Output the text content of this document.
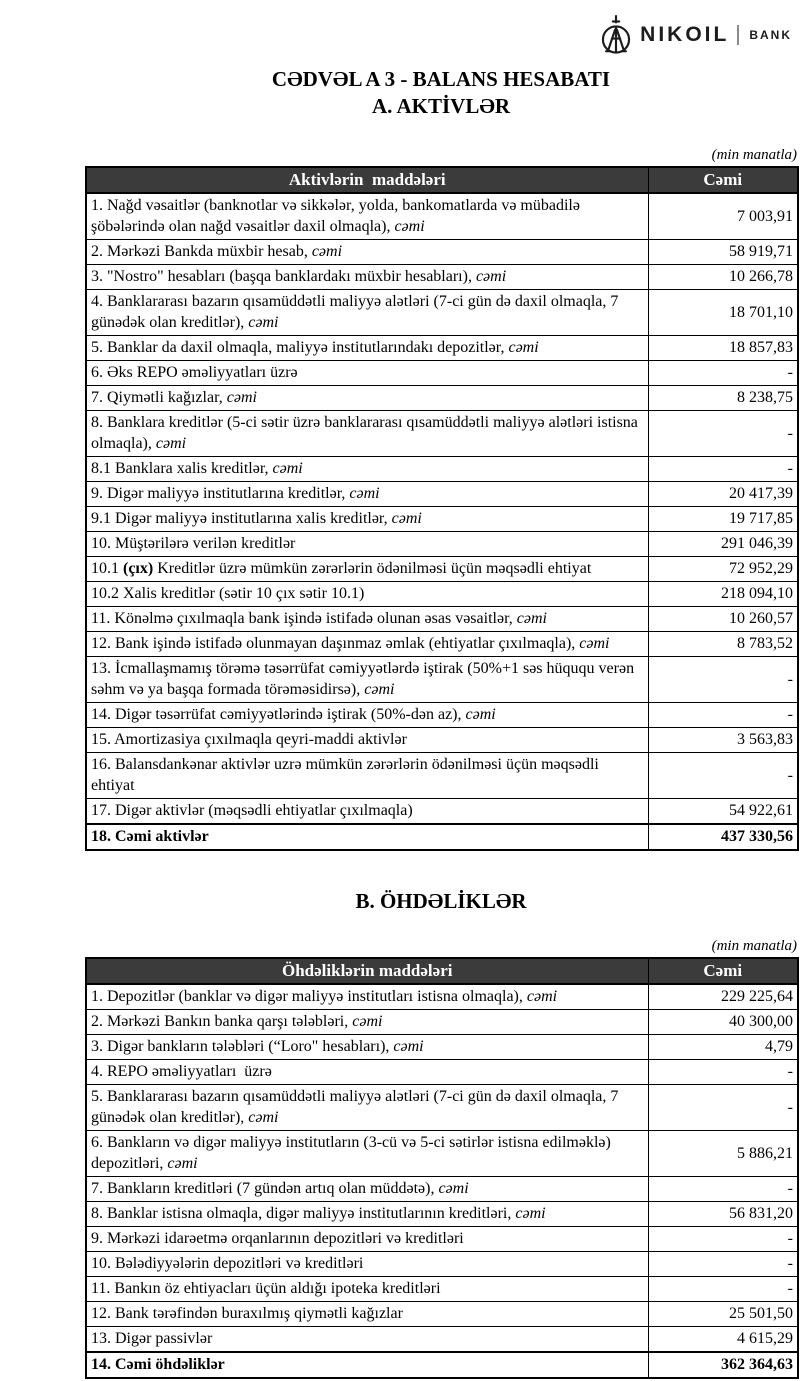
NIKOIL BANK
CƏDVƏL A 3 - BALANS HESABATI
A. AKTİVLƏR
(min manatla)
Aktivlərin  maddələri	Cəmi
1. Nağd vəsaitlər (banknotlar və sikkələr, yolda, bankomatlarda və mübadilə şöbələrində olan nağd vəsaitlər daxil olmaqla), cəmi	7 003,91
2. Mərkəzi Bankda müxbir hesab, cəmi	58 919,71
3. "Nostro" hesabları (başqa banklardakı müxbir hesabları), cəmi	10 266,78
4. Banklararası bazarın qısamüddətli maliyyə alətləri (7-ci gün də daxil olmaqla, 7 günədək olan kreditlər), cəmi	18 701,10
5. Banklar da daxil olmaqla, maliyyə institutlarındakı depozitlər, cəmi	18 857,83
6. Əks REPO əməliyyatları üzrə	-
7. Qiymətli kağızlar, cəmi	8 238,75
8. Banklara kreditlər (5-ci sətir üzrə banklararası qısamüddətli maliyyə alətləri istisna olmaqla), cəmi	-
8.1 Banklara xalis kreditlər, cəmi	-
9. Digər maliyyə institutlarına kreditlər, cəmi	20 417,39
9.1 Digər maliyyə institutlarına xalis kreditlər, cəmi	19 717,85
10. Müştərilərə verilən kreditlər	291 046,39
10.1 (çıx) Kreditlər üzrə mümkün zərərlərin ödənilməsi üçün məqsədli ehtiyat	72 952,29
10.2 Xalis kreditlər (sətir 10 çıx sətir 10.1)	218 094,10
11. Könəlmə çıxılmaqla bank işində istifadə olunan əsas vəsaitlər, cəmi	10 260,57
12. Bank işində istifadə olunmayan daşınmaz əmlak (ehtiyatlar çıxılmaqla), cəmi	8 783,52
13. İcmallaşmamış törəmə təsərrüfat cəmiyyətlərdə iştirak (50%+1 səs hüququ verən səhm və ya başqa formada törəməsidirsə), cəmi	-
14. Digər təsərrüfat cəmiyyətlərində iştirak (50%-dən az), cəmi	-
15. Amortizasiya çıxılmaqla qeyri-maddi aktivlər	3 563,83
16. Balansdankənar aktivlər uzrə mümkün zərərlərin ödənilməsi üçün məqsədli ehtiyat	-
17. Digər aktivlər (məqsədli ehtiyatlar çıxılmaqla)	54 922,61
18. Cəmi aktivlər	437 330,56
B. ÖHDƏLİKLƏR
(min manatla)
Öhdəliklərin maddələri	Cəmi
1. Depozitlər (banklar və digər maliyyə institutları istisna olmaqla), cəmi	229 225,64
2. Mərkəzi Bankın banka qarşı tələbləri, cəmi	40 300,00
3. Digər bankların tələbləri (“Loro" hesabları), cəmi	4,79
4. REPO əməliyyatları  üzrə	-
5. Banklararası bazarın qısamüddətli maliyyə alətləri (7-ci gün də daxil olmaqla, 7 günədək olan kreditlər), cəmi	-
6. Bankların və digər maliyyə institutların (3-cü və 5-ci sətirlər istisna edilməklə) depozitləri, cəmi	5 886,21
7. Bankların kreditləri (7 gündən artıq olan müddətə), cəmi	-
8. Banklar istisna olmaqla, digər maliyyə institutlarının kreditləri, cəmi	56 831,20
9. Mərkəzi idarəetmə orqanlarının depozitləri və kreditləri	-
10. Bələdiyyələrin depozitləri və kreditləri	-
11. Bankın öz ehtiyacları üçün aldığı ipoteka kreditləri	-
12. Bank tərəfindən buraxılmış qiymətli kağızlar	25 501,50
13. Digər passivlər	4 615,29
14. Cəmi öhdəliklər	362 364,63
